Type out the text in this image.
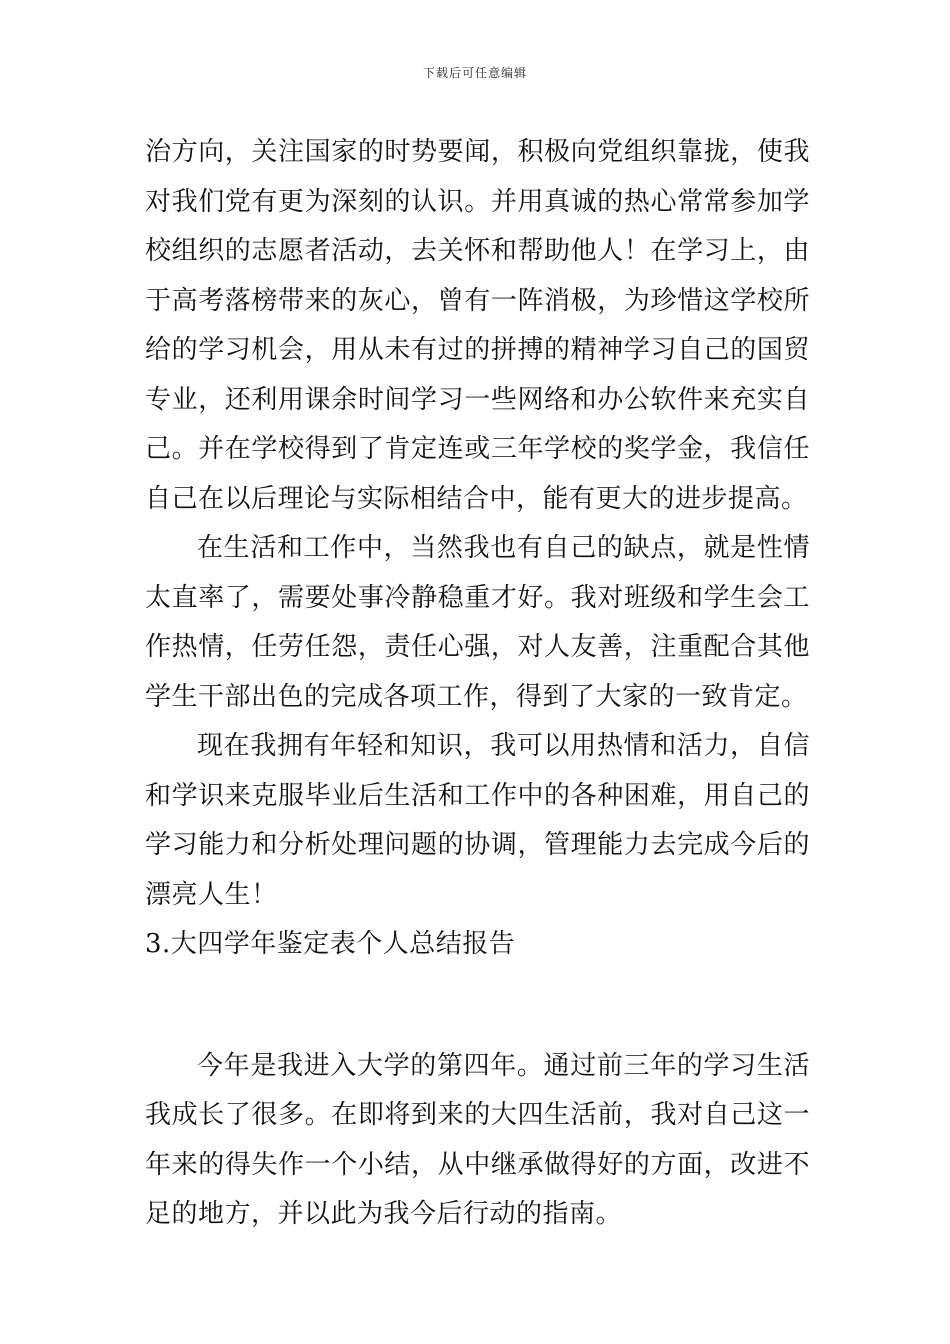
下载后可任意编辑

治方向，关注国家的时势要闻，积极向党组织靠拢，使我对我们党有更为深刻的认识。并用真诚的热心常常参加学校组织的志愿者活动，去关怀和帮助他人！在学习上，由于高考落榜带来的灰心，曾有一阵消极，为珍惜这学校所给的学习机会，用从未有过的拼搏的精神学习自己的国贸专业，还利用课余时间学习一些网络和办公软件来充实自己。并在学校得到了肯定连或三年学校的奖学金，我信任自己在以后理论与实际相结合中，能有更大的进步提高。

在生活和工作中，当然我也有自己的缺点，就是性情太直率了，需要处事冷静稳重才好。我对班级和学生会工作热情，任劳任怨，责任心强，对人友善，注重配合其他学生干部出色的完成各项工作，得到了大家的一致肯定。

现在我拥有年轻和知识，我可以用热情和活力，自信和学识来克服毕业后生活和工作中的各种困难，用自己的学习能力和分析处理问题的协调，管理能力去完成今后的漂亮人生！

3.大四学年鉴定表个人总结报告

今年是我进入大学的第四年。通过前三年的学习生活我成长了很多。在即将到来的大四生活前，我对自己这一年来的得失作一个小结，从中继承做得好的方面，改进不足的地方，并以此为我今后行动的指南。
